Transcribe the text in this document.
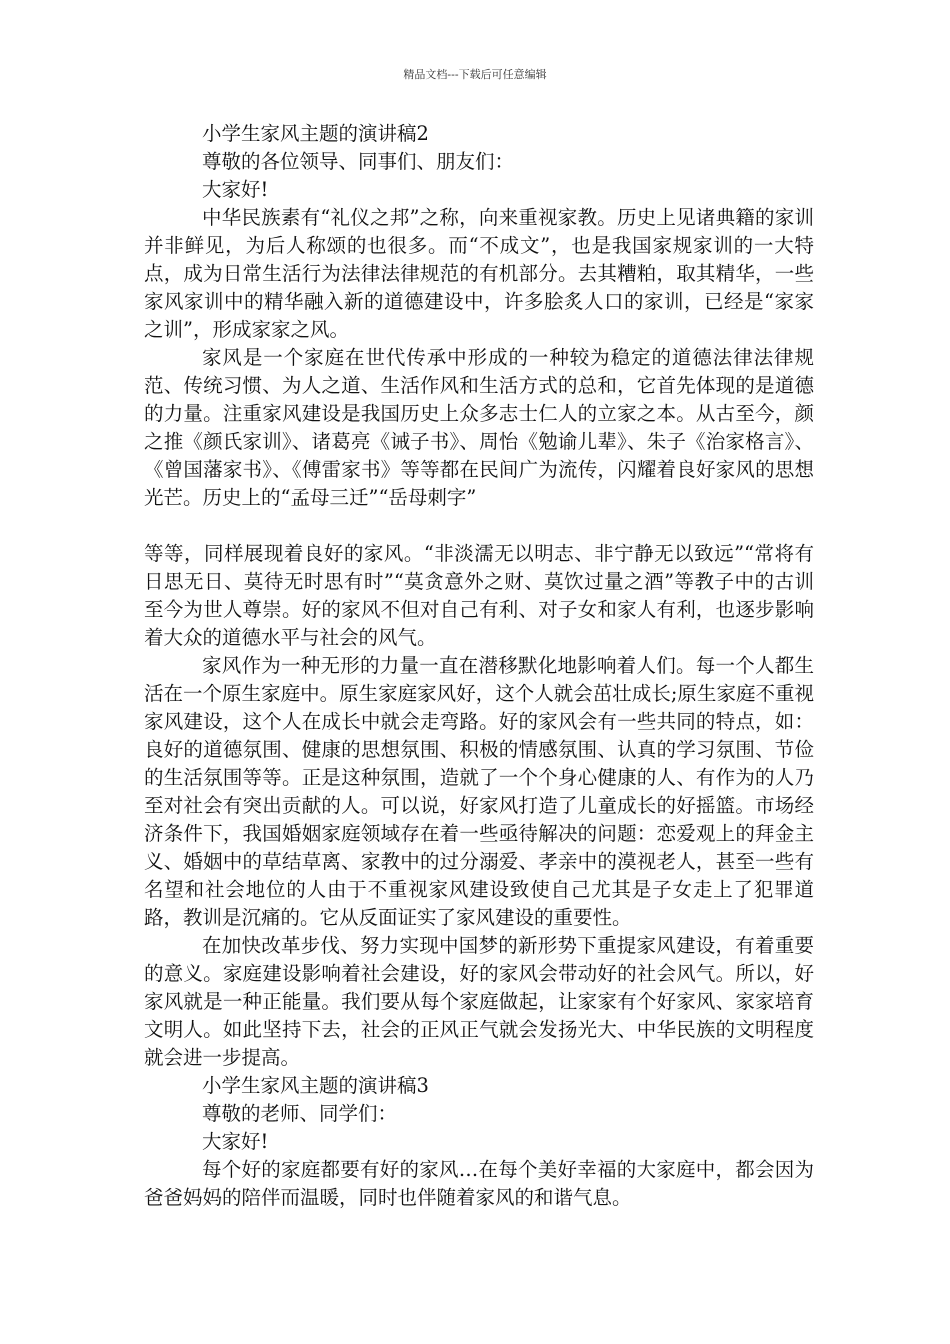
精品文档---下载后可任意编辑

小学生家风主题的演讲稿2

尊敬的各位领导、同事们、朋友们：

大家好!

中华民族素有“礼仪之邦”之称，向来重视家教。历史上见诸典籍的家训并非鲜见，为后人称颂的也很多。而“不成文”，也是我国家规家训的一大特点，成为日常生活行为法律法律规范的有机部分。去其糟粕，取其精华，一些家风家训中的精华融入新的道德建设中，许多脍炙人口的家训，已经是“家家之训”，形成家家之风。

家风是一个家庭在世代传承中形成的一种较为稳定的道德法律法律规范、传统习惯、为人之道、生活作风和生活方式的总和，它首先体现的是道德的力量。注重家风建设是我国历史上众多志士仁人的立家之本。从古至今，颜之推《颜氏家训》、诸葛亮《诫子书》、周怡《勉谕儿辈》、朱子《治家格言》、《曾国藩家书》、《傅雷家书》等等都在民间广为流传，闪耀着良好家风的思想光芒。历史上的“孟母三迁”“岳母刺字”

等等，同样展现着良好的家风。“非淡濡无以明志、非宁静无以致远”“常将有日思无日、莫待无时思有时”“莫贪意外之财、莫饮过量之酒”等教子中的古训至今为世人尊崇。好的家风不但对自己有利、对子女和家人有利，也逐步影响着大众的道德水平与社会的风气。

家风作为一种无形的力量一直在潜移默化地影响着人们。每一个人都生活在一个原生家庭中。原生家庭家风好，这个人就会茁壮成长;原生家庭不重视家风建设，这个人在成长中就会走弯路。好的家风会有一些共同的特点，如：良好的道德氛围、健康的思想氛围、积极的情感氛围、认真的学习氛围、节俭的生活氛围等等。正是这种氛围，造就了一个个身心健康的人、有作为的人乃至对社会有突出贡献的人。可以说，好家风打造了儿童成长的好摇篮。市场经济条件下，我国婚姻家庭领域存在着一些亟待解决的问题：恋爱观上的拜金主义、婚姻中的草结草离、家教中的过分溺爱、孝亲中的漠视老人，甚至一些有名望和社会地位的人由于不重视家风建设致使自己尤其是子女走上了犯罪道路，教训是沉痛的。它从反面证实了家风建设的重要性。

在加快改革步伐、努力实现中国梦的新形势下重提家风建设，有着重要的意义。家庭建设影响着社会建设，好的家风会带动好的社会风气。所以，好家风就是一种正能量。我们要从每个家庭做起，让家家有个好家风、家家培育文明人。如此坚持下去，社会的正风正气就会发扬光大、中华民族的文明程度就会进一步提高。

小学生家风主题的演讲稿3

尊敬的老师、同学们：

大家好!

每个好的家庭都要有好的家风…在每个美好幸福的大家庭中，都会因为爸爸妈妈的陪伴而温暖，同时也伴随着家风的和谐气息。
